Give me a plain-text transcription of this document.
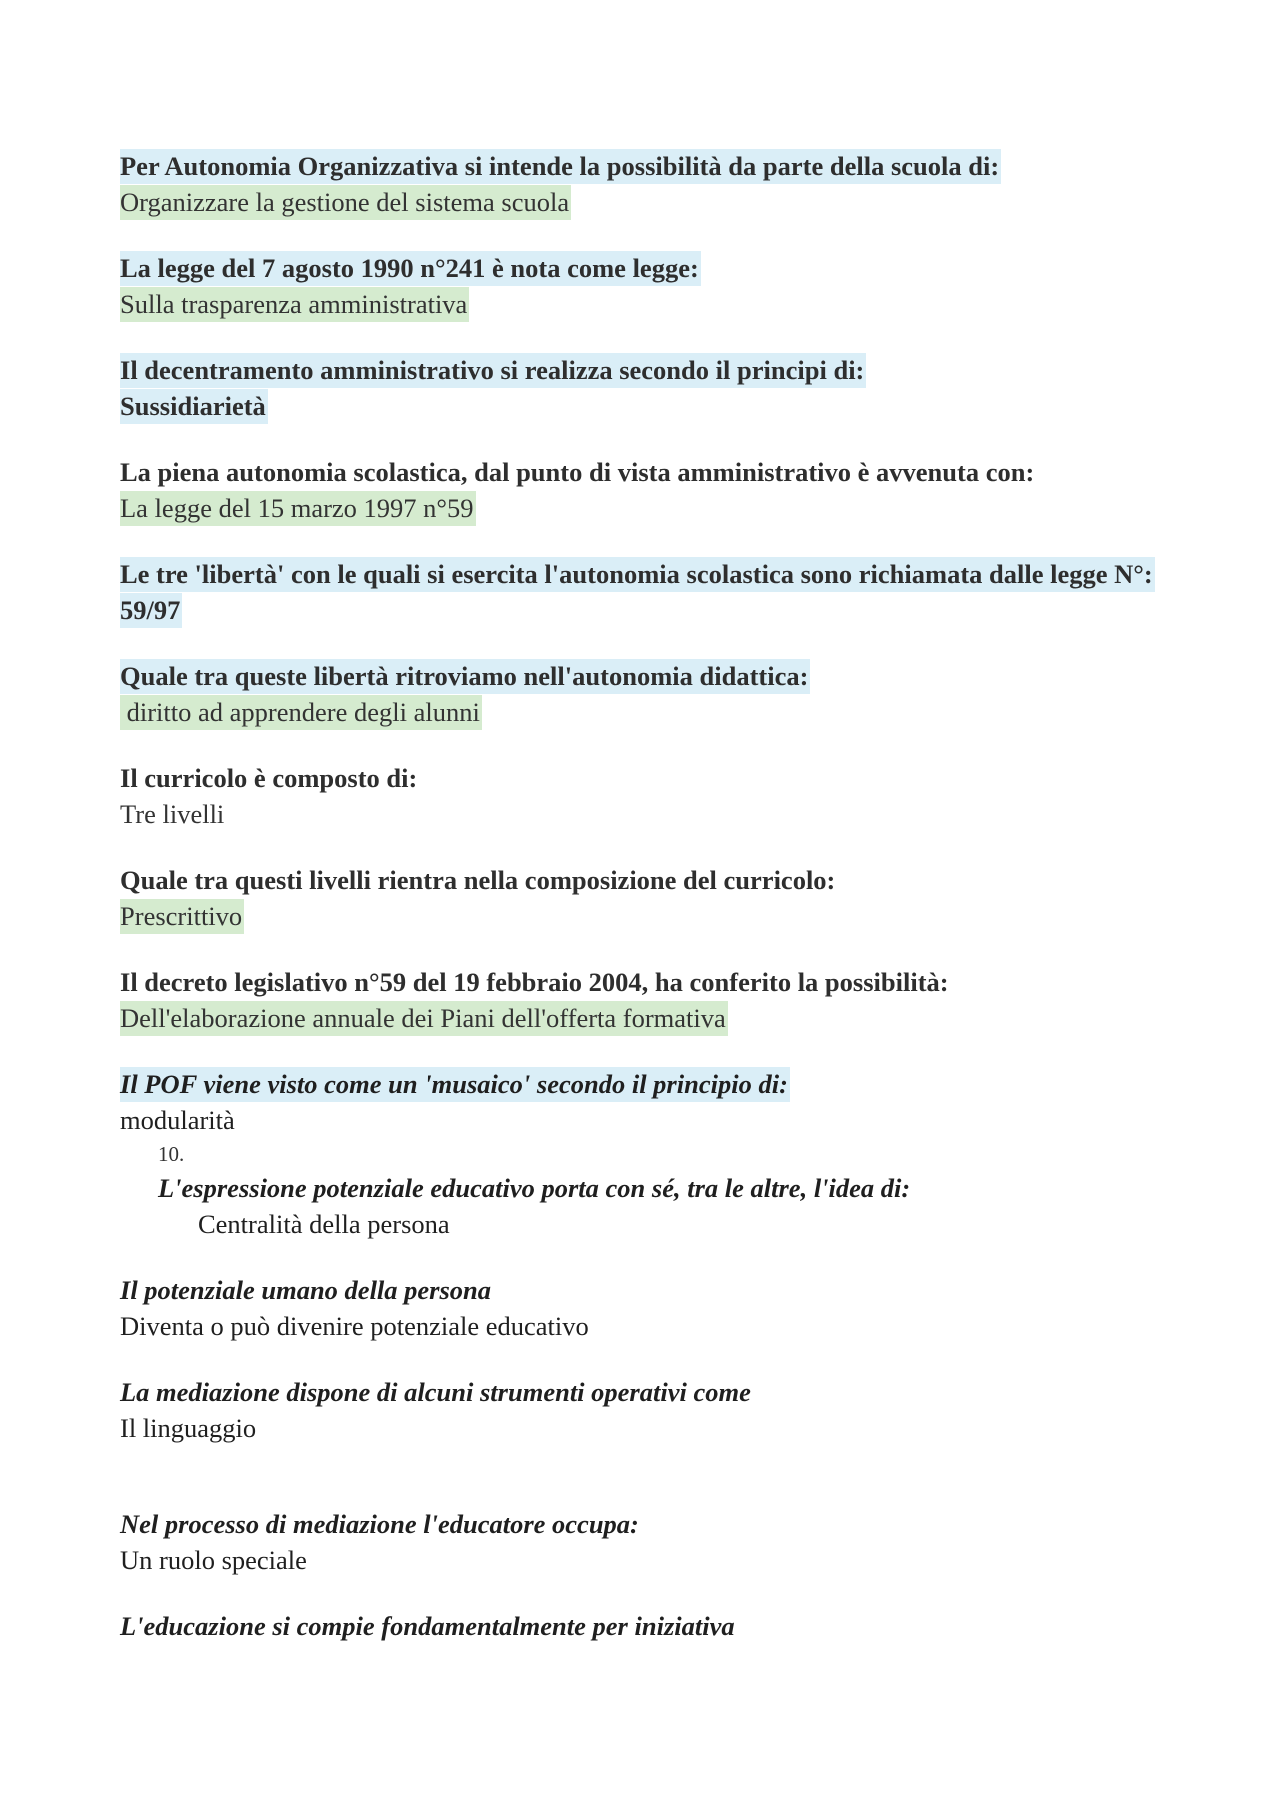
Per Autonomia Organizzativa si intende la possibilità da parte della scuola di:
Organizzare la gestione del sistema scuola
La legge del 7 agosto 1990 n°241 è nota come legge:
Sulla trasparenza amministrativa
Il decentramento amministrativo si realizza secondo il principi di:
Sussidiarietà
La piena autonomia scolastica, dal punto di vista amministrativo è avvenuta con:
La legge del 15 marzo 1997 n°59
Le tre 'libertà' con le quali si esercita l'autonomia scolastica sono richiamata dalle legge N°:
59/97
Quale tra queste libertà ritroviamo nell'autonomia didattica:
diritto ad apprendere degli alunni
Il curricolo è composto di:
Tre livelli
Quale tra questi livelli rientra nella composizione del curricolo:
Prescrittivo
Il decreto legislativo n°59 del 19 febbraio 2004, ha conferito la possibilità:
Dell'elaborazione annuale dei Piani dell'offerta formativa
Il POF viene visto come un 'musaico' secondo il principio di:
modularità
10.
L'espressione potenziale educativo porta con sé, tra le altre, l'idea di:
Centralità della persona
Il potenziale umano della persona
Diventa o può divenire potenziale educativo
La mediazione dispone di alcuni strumenti operativi come
Il linguaggio
Nel processo di mediazione l'educatore occupa:
Un ruolo speciale
L'educazione si compie fondamentalmente per iniziativa
